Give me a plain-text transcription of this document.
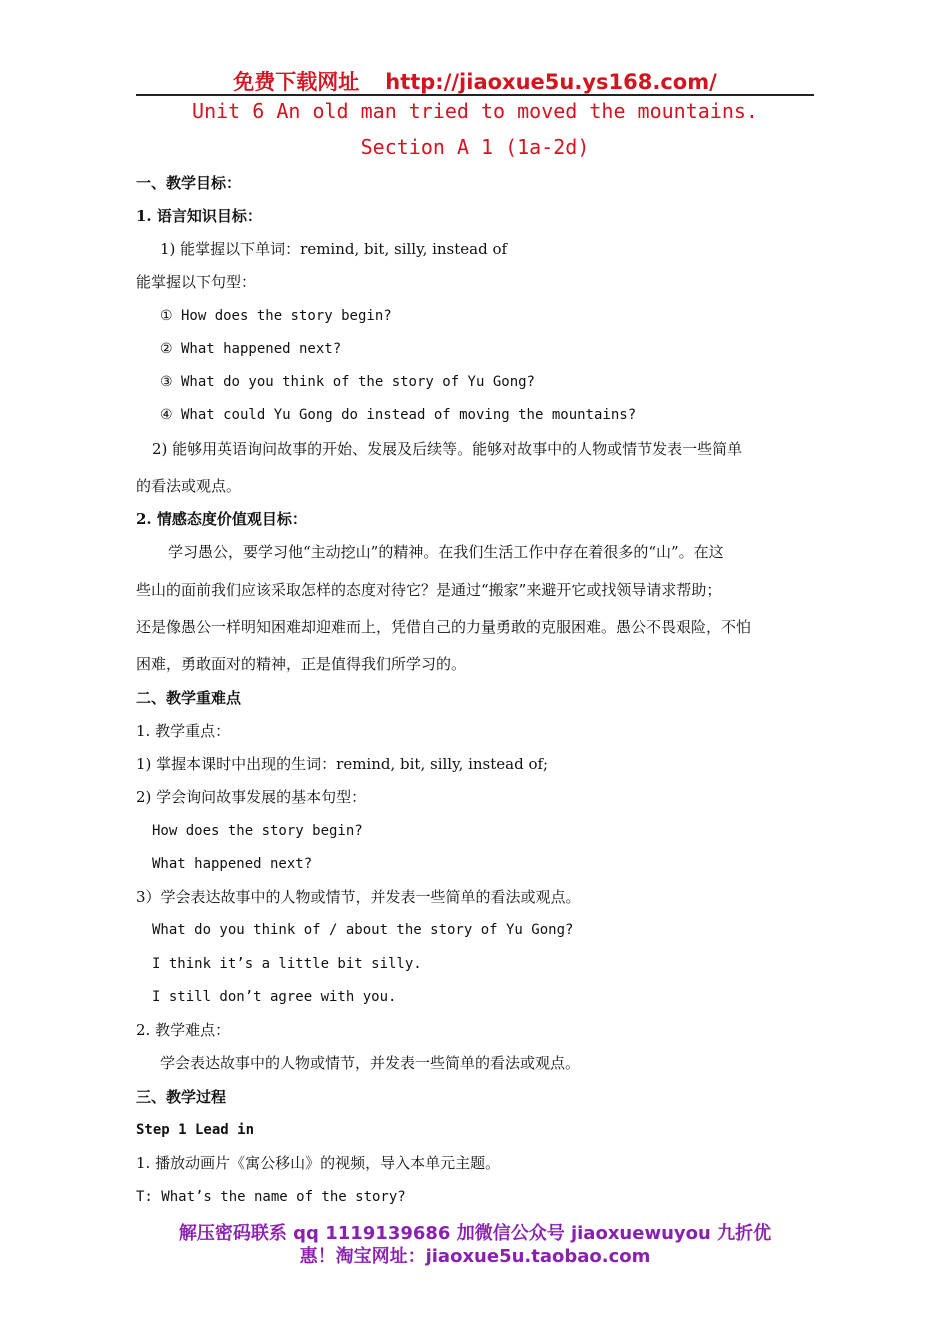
免费下载网址 http://jiaoxue5u.ys168.com/
Unit 6 An old man tried to moved the mountains.
Section A 1 (1a-2d)
一、教学目标：
1. 语言知识目标：
1) 能掌握以下单词：remind, bit, silly, instead of
能掌握以下句型：
① How does the story begin?
② What happened next?
③ What do you think of the story of Yu Gong?
④ What could Yu Gong do instead of moving the mountains?
2) 能够用英语询问故事的开始、发展及后续等。能够对故事中的人物或情节发表一些简单
的看法或观点。
2. 情感态度价值观目标：
学习愚公，要学习他“主动挖山”的精神。在我们生活工作中存在着很多的“山”。在这
些山的面前我们应该采取怎样的态度对待它？是通过“搬家”来避开它或找领导请求帮助；
还是像愚公一样明知困难却迎难而上，凭借自己的力量勇敢的克服困难。愚公不畏艰险，不怕
困难，勇敢面对的精神，正是值得我们所学习的。
二、教学重难点
1. 教学重点：
1) 掌握本课时中出现的生词：remind, bit, silly, instead of;
2) 学会询问故事发展的基本句型：
How does the story begin?
What happened next?
3）学会表达故事中的人物或情节，并发表一些简单的看法或观点。
What do you think of / about the story of Yu Gong?
I think it’s a little bit silly.
I still don’t agree with you.
2. 教学难点：
学会表达故事中的人物或情节，并发表一些简单的看法或观点。
三、教学过程
Step 1 Lead in
1. 播放动画片《寓公移山》的视频，导入本单元主题。
T: What’s the name of the story?
解压密码联系 qq 1119139686 加微信公众号 jiaoxuewuyou 九折优
惠！淘宝网址：jiaoxue5u.taobao.com
